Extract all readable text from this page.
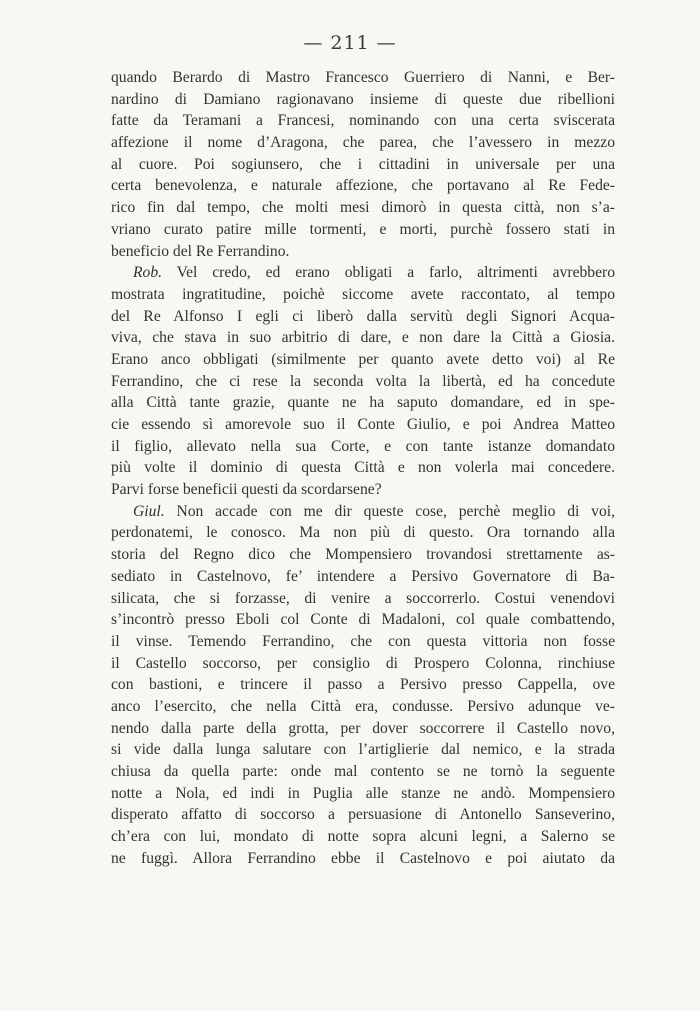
— 211 —
quando Berardo di Mastro Francesco Guerriero di Nanni, e Ber-
nardino di Damiano ragionavano insieme di queste due ribellioni
fatte da Teramani a Francesi, nominando con una certa sviscerata
affezione il nome d’Aragona, che parea, che l’avessero in mezzo
al cuore. Poi sogiunsero, che i cittadini in universale per una
certa benevolenza, e naturale affezione, che portavano al Re Fede-
rico fin dal tempo, che molti mesi dimorò in questa città, non s’a-
vriano curato patire mille tormenti, e morti, purchè fossero stati in
beneficio del Re Ferrandino.
Rob. Vel credo, ed erano obligati a farlo, altrimenti avrebbero
mostrata ingratitudine, poichè siccome avete raccontato, al tempo
del Re Alfonso I egli ci liberò dalla servitù degli Signori Acqua-
viva, che stava in suo arbitrio di dare, e non dare la Città a Giosia.
Erano anco obbligati (similmente per quanto avete detto voi) al Re
Ferrandino, che ci rese la seconda volta la libertà, ed ha concedute
alla Città tante grazie, quante ne ha saputo domandare, ed in spe-
cie essendo sì amorevole suo il Conte Giulio, e poi Andrea Matteo
il figlio, allevato nella sua Corte, e con tante istanze domandato
più volte il dominio di questa Città e non volerla mai concedere.
Parvi forse beneficii questi da scordarsene?
Giul. Non accade con me dir queste cose, perchè meglio di voi,
perdonatemi, le conosco. Ma non più di questo. Ora tornando alla
storia del Regno dico che Mompensiero trovandosi strettamente as-
sediato in Castelnovo, fe’ intendere a Persivo Governatore di Ba-
silicata, che si forzasse, di venire a soccorrerlo. Costui venendovi
s’incontrò presso Eboli col Conte di Madaloni, col quale combattendo,
il vinse. Temendo Ferrandino, che con questa vittoria non fosse
il Castello soccorso, per consiglio di Prospero Colonna, rinchiuse
con bastioni, e trincere il passo a Persivo presso Cappella, ove
anco l’esercito, che nella Città era, condusse. Persivo adunque ve-
nendo dalla parte della grotta, per dover soccorrere il Castello novo,
si vide dalla lunga salutare con l’artiglierie dal nemico, e la strada
chiusa da quella parte: onde mal contento se ne tornò la seguente
notte a Nola, ed indi in Puglia alle stanze ne andò. Mompensiero
disperato affatto di soccorso a persuasione di Antonello Sanseverino,
ch’era con lui, mondato di notte sopra alcuni legni, a Salerno se
ne fuggì. Allora Ferrandino ebbe il Castelnovo e poi aiutato da
